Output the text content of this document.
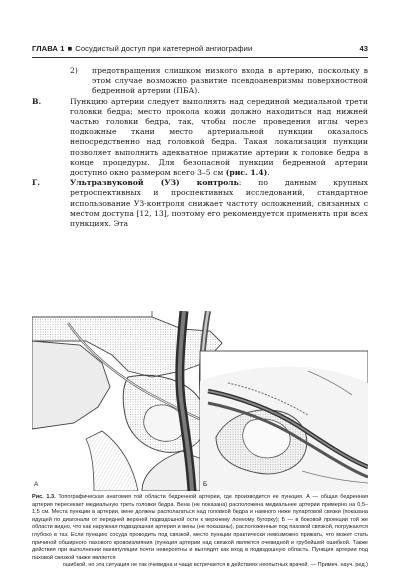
ГЛАВА 1 ■ Сосудистый доступ при катетерной ангиографии	43

2) предотвращения слишком низкого входа в артерию, поскольку в этом случае возможно развитие псевдоаневризмы поверхностной бедренной артерии (ПБА).

В.	Пункцию артерии следует выполнять над серединой медиальной трети головки бедра; место прокола кожи должно находиться над нижней частью головки бедра, так, чтобы после проведения иглы через подкожные ткани место артериальной пункции оказалось непосредственно над головкой бедра. Такая локализация пункции позволяет выполнить адекватное прижатие артерии к головке бедра в конце процедуры. Для безопасной пункции бедренной артерии доступно окно размером всего 3–5 см (рис. 1.4).

Г.	Ультразвуковой (УЗ) контроль: по данным крупных ретроспективных и проспективных исследований, стандартное использование УЗ-контроля снижает частоту осложнений, связанных с местом доступа [12, 13], поэтому его рекомендуется применять при всех пункциях. Эта

А	Б
Рис. 1.3. Топографическая анатомия той области бедренной артерии, где производится ее пункция. А — общая бедренная артерия пересекает медиальную треть головки бедра. Вена (не показана) расположена медиальнее артерии примерно на 0,5–1,5 см. Места пункции в артерии, вене должны располагаться над головкой бедра и намного ниже пупартовой связки (показана идущей по диагонали от передней верхней подвздошной ости к верхнему лонному бугорку); Б — в боковой проекции той же области видно, что как наружная подвздошная артерия и вены (не показаны), расположенные под паховой связкой, погружаются глубоко в таз. Если пункцию сосуда проводить под связкой, место пункции практически невозможно прижать, что может стать причиной обширного пахового кровоизлияния (пункция артерии над связкой является очевидной и грубейшей ошибкой. Также действия при выполнении манипуляции почти невероятны и выглядят как вход в подвздошную область. Пункция артерии под паховой связкой также является
ошибкой, но эта ситуация не так очевидна и чаще встречается в действиях неопытных врачей. — Примеч. науч. ред.)
